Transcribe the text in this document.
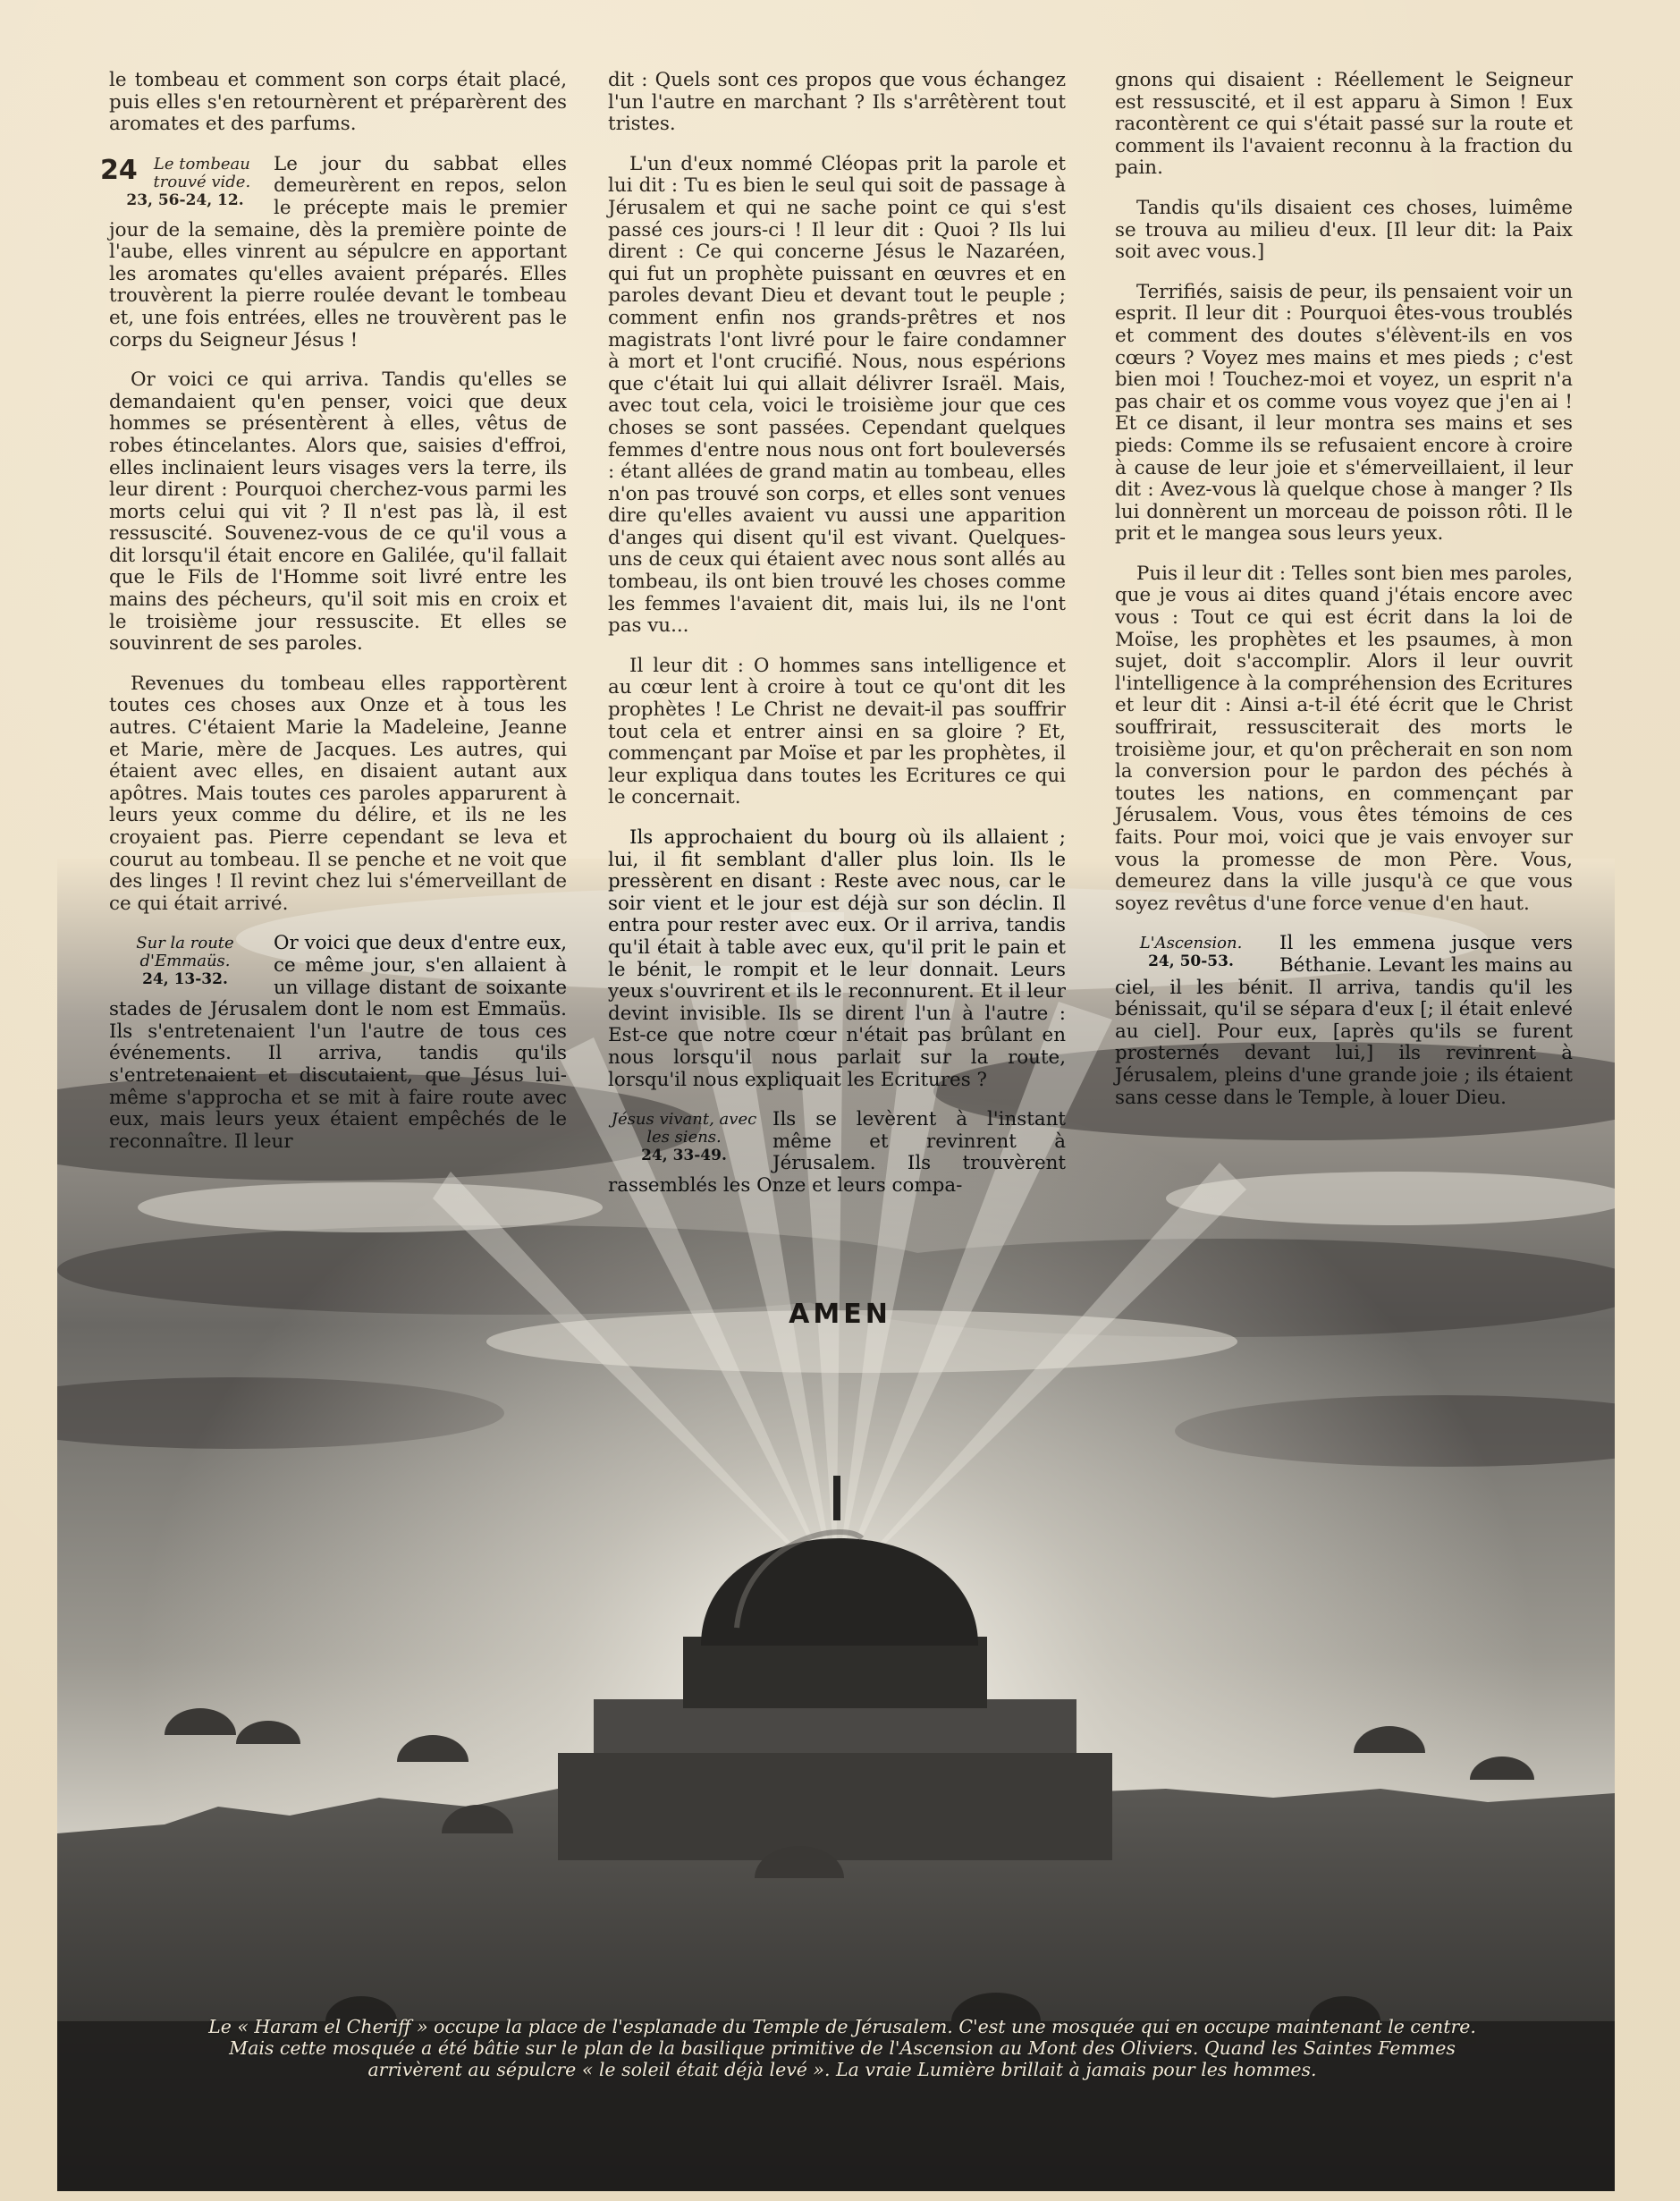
le tombeau et comment son corps était placé, puis elles s'en retournèrent et préparèrent des aromates et des parfums.

24 Le tombeau trouvé vide.
23, 56-24, 12.

Le jour du sabbat elles demeurèrent en repos, selon le précepte mais le premier jour de la semaine, dès la première pointe de l'aube, elles vinrent au sépulcre en apportant les aromates qu'elles avaient préparés. Elles trouvèrent la pierre roulée devant le tombeau et, une fois entrées, elles ne trouvèrent pas le corps du Seigneur Jésus !

Or voici ce qui arriva. Tandis qu'elles se demandaient qu'en penser, voici que deux hommes se présentèrent à elles, vêtus de robes étincelantes. Alors que, saisies d'effroi, elles inclinaient leurs visages vers la terre, ils leur dirent : Pourquoi cherchez-vous parmi les morts celui qui vit ? Il n'est pas là, il est ressuscité. Souvenez-vous de ce qu'il vous a dit lorsqu'il était encore en Galilée, qu'il fallait que le Fils de l'Homme soit livré entre les mains des pécheurs, qu'il soit mis en croix et le troisième jour ressuscite. Et elles se souvinrent de ses paroles.

Revenues du tombeau elles rapportèrent toutes ces choses aux Onze et à tous les autres. C'étaient Marie la Madeleine, Jeanne et Marie, mère de Jacques. Les autres, qui étaient avec elles, en disaient autant aux apôtres. Mais toutes ces paroles apparurent à leurs yeux comme du délire, et ils ne les croyaient pas. Pierre cependant se leva et courut au tombeau. Il se penche et ne voit que des linges ! Il revint chez lui s'émerveillant de ce qui était arrivé.

Sur la route d'Emmaüs.
24, 13-32.

Or voici que deux d'entre eux, ce même jour, s'en allaient à un village distant de soixante stades de Jérusalem dont le nom est Emmaüs. Ils s'entretenaient l'un l'autre de tous ces événements. Il arriva, tandis qu'ils s'entretenaient et discutaient, que Jésus lui-même s'approcha et se mit à faire route avec eux, mais leurs yeux étaient empêchés de le reconnaître. Il leur

dit : Quels sont ces propos que vous échangez l'un l'autre en marchant ? Ils s'arrêtèrent tout tristes.

L'un d'eux nommé Cléopas prit la parole et lui dit : Tu es bien le seul qui soit de passage à Jérusalem et qui ne sache point ce qui s'est passé ces jours-ci ! Il leur dit : Quoi ? Ils lui dirent : Ce qui concerne Jésus le Nazaréen, qui fut un prophète puissant en œuvres et en paroles devant Dieu et devant tout le peuple ; comment enfin nos grands-prêtres et nos magistrats l'ont livré pour le faire condamner à mort et l'ont crucifié. Nous, nous espérions que c'était lui qui allait délivrer Israël. Mais, avec tout cela, voici le troisième jour que ces choses se sont passées. Cependant quelques femmes d'entre nous nous ont fort bouleversés : étant allées de grand matin au tombeau, elles n'on pas trouvé son corps, et elles sont venues dire qu'elles avaient vu aussi une apparition d'anges qui disent qu'il est vivant. Quelques-uns de ceux qui étaient avec nous sont allés au tombeau, ils ont bien trouvé les choses comme les femmes l'avaient dit, mais lui, ils ne l'ont pas vu...

Il leur dit : O hommes sans intelligence et au cœur lent à croire à tout ce qu'ont dit les prophètes ! Le Christ ne devait-il pas souffrir tout cela et entrer ainsi en sa gloire ? Et, commençant par Moïse et par les prophètes, il leur expliqua dans toutes les Ecritures ce qui le concernait.

Ils approchaient du bourg où ils allaient ; lui, il fit semblant d'aller plus loin. Ils le pressèrent en disant : Reste avec nous, car le soir vient et le jour est déjà sur son déclin. Il entra pour rester avec eux. Or il arriva, tandis qu'il était à table avec eux, qu'il prit le pain et le bénit, le rompit et le leur donnait. Leurs yeux s'ouvrirent et ils le reconnurent. Et il leur devint invisible. Ils se dirent l'un à l'autre : Est-ce que notre cœur n'était pas brûlant en nous lorsqu'il nous parlait sur la route, lorsqu'il nous expliquait les Ecritures ?

Jésus vivant, avec les siens.
24, 33-49.

Ils se levèrent à l'instant même et revinrent à Jérusalem. Ils trouvèrent rassemblés les Onze et leurs compa-

gnons qui disaient : Réellement le Seigneur est ressuscité, et il est apparu à Simon ! Eux racontèrent ce qui s'était passé sur la route et comment ils l'avaient reconnu à la fraction du pain.

Tandis qu'ils disaient ces choses, luimême se trouva au milieu d'eux. [Il leur dit: la Paix soit avec vous.]

Terrifiés, saisis de peur, ils pensaient voir un esprit. Il leur dit : Pourquoi êtes-vous troublés et comment des doutes s'élèvent-ils en vos cœurs ? Voyez mes mains et mes pieds ; c'est bien moi ! Touchez-moi et voyez, un esprit n'a pas chair et os comme vous voyez que j'en ai ! Et ce disant, il leur montra ses mains et ses pieds: Comme ils se refusaient encore à croire à cause de leur joie et s'émerveillaient, il leur dit : Avez-vous là quelque chose à manger ? Ils lui donnèrent un morceau de poisson rôti. Il le prit et le mangea sous leurs yeux.

Puis il leur dit : Telles sont bien mes paroles, que je vous ai dites quand j'étais encore avec vous : Tout ce qui est écrit dans la loi de Moïse, les prophètes et les psaumes, à mon sujet, doit s'accomplir. Alors il leur ouvrit l'intelligence à la compréhension des Ecritures et leur dit : Ainsi a-t-il été écrit que le Christ souffrirait, ressusciterait des morts le troisième jour, et qu'on prêcherait en son nom la conversion pour le pardon des péchés à toutes les nations, en commençant par Jérusalem. Vous, vous êtes témoins de ces faits. Pour moi, voici que je vais envoyer sur vous la promesse de mon Père. Vous, demeurez dans la ville jusqu'à ce que vous soyez revêtus d'une force venue d'en haut.

L'Ascension.
24, 50-53.

Il les emmena jusque vers Béthanie. Levant les mains au ciel, il les bénit. Il arriva, tandis qu'il les bénissait, qu'il se sépara d'eux [; il était enlevé au ciel]. Pour eux, [après qu'ils se furent prosternés devant lui,] ils revinrent à Jérusalem, pleins d'une grande joie ; ils étaient sans cesse dans le Temple, à louer Dieu.

AMEN
Le « Haram el Cheriff » occupe la place de l'esplanade du Temple de Jérusalem. C'est une mosquée qui en occupe maintenant le centre.
Mais cette mosquée a été bâtie sur le plan de la basilique primitive de l'Ascension au Mont des Oliviers. Quand les Saintes Femmes
arrivèrent au sépulcre « le soleil était déjà levé ». La vraie Lumière brillait à jamais pour les hommes.
